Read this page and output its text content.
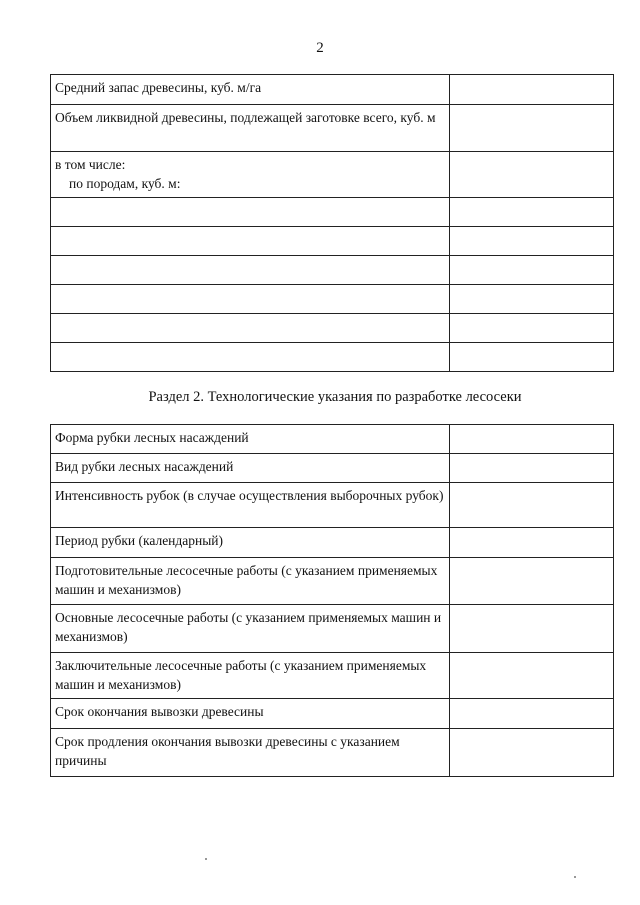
2
Средний запас древесины, куб. м/га	
Объем ликвидной древесины, подлежащей заготовке всего, куб. м	

в том числе:
по породам, куб. м:	

Раздел 2. Технологические указания по разработке лесосеки
Форма рубки лесных насаждений	
Вид рубки лесных насаждений	
Интенсивность рубок (в случае осуществления выборочных рубок)	
Период рубки (календарный)	
Подготовительные лесосечные работы (с указанием применяемых машин и механизмов)	
Основные лесосечные работы (с указанием применяемых машин и механизмов)	
Заключительные лесосечные работы (с указанием применяемых машин и механизмов)	
Срок окончания вывозки древесины	
Срок продления окончания вывозки древесины с указанием причины	
